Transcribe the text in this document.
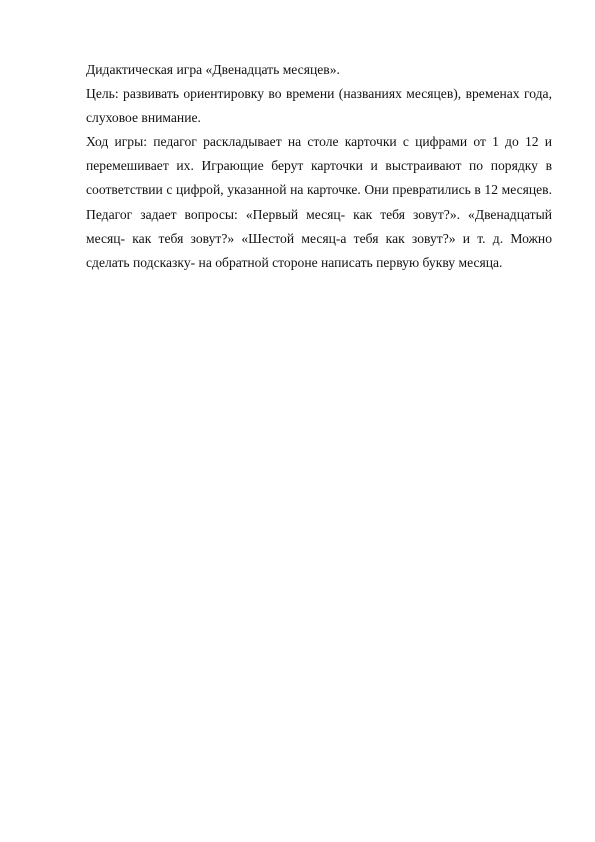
Дидактическая игра «Двенадцать месяцев».

Цель: развивать ориентировку во времени (названиях месяцев), временах года, слуховое внимание.

Ход игры: педагог раскладывает на столе карточки с цифрами от 1 до 12 и перемешивает их. Играющие берут карточки и выстраивают по порядку в соответствии с цифрой, указанной на карточке. Они превратились в 12 месяцев. Педагог задает вопросы: «Первый месяц- как тебя зовут?». «Двенадцатый месяц- как тебя зовут?» «Шестой месяц-а тебя как зовут?» и т. д. Можно сделать подсказку- на обратной стороне написать первую букву месяца.
